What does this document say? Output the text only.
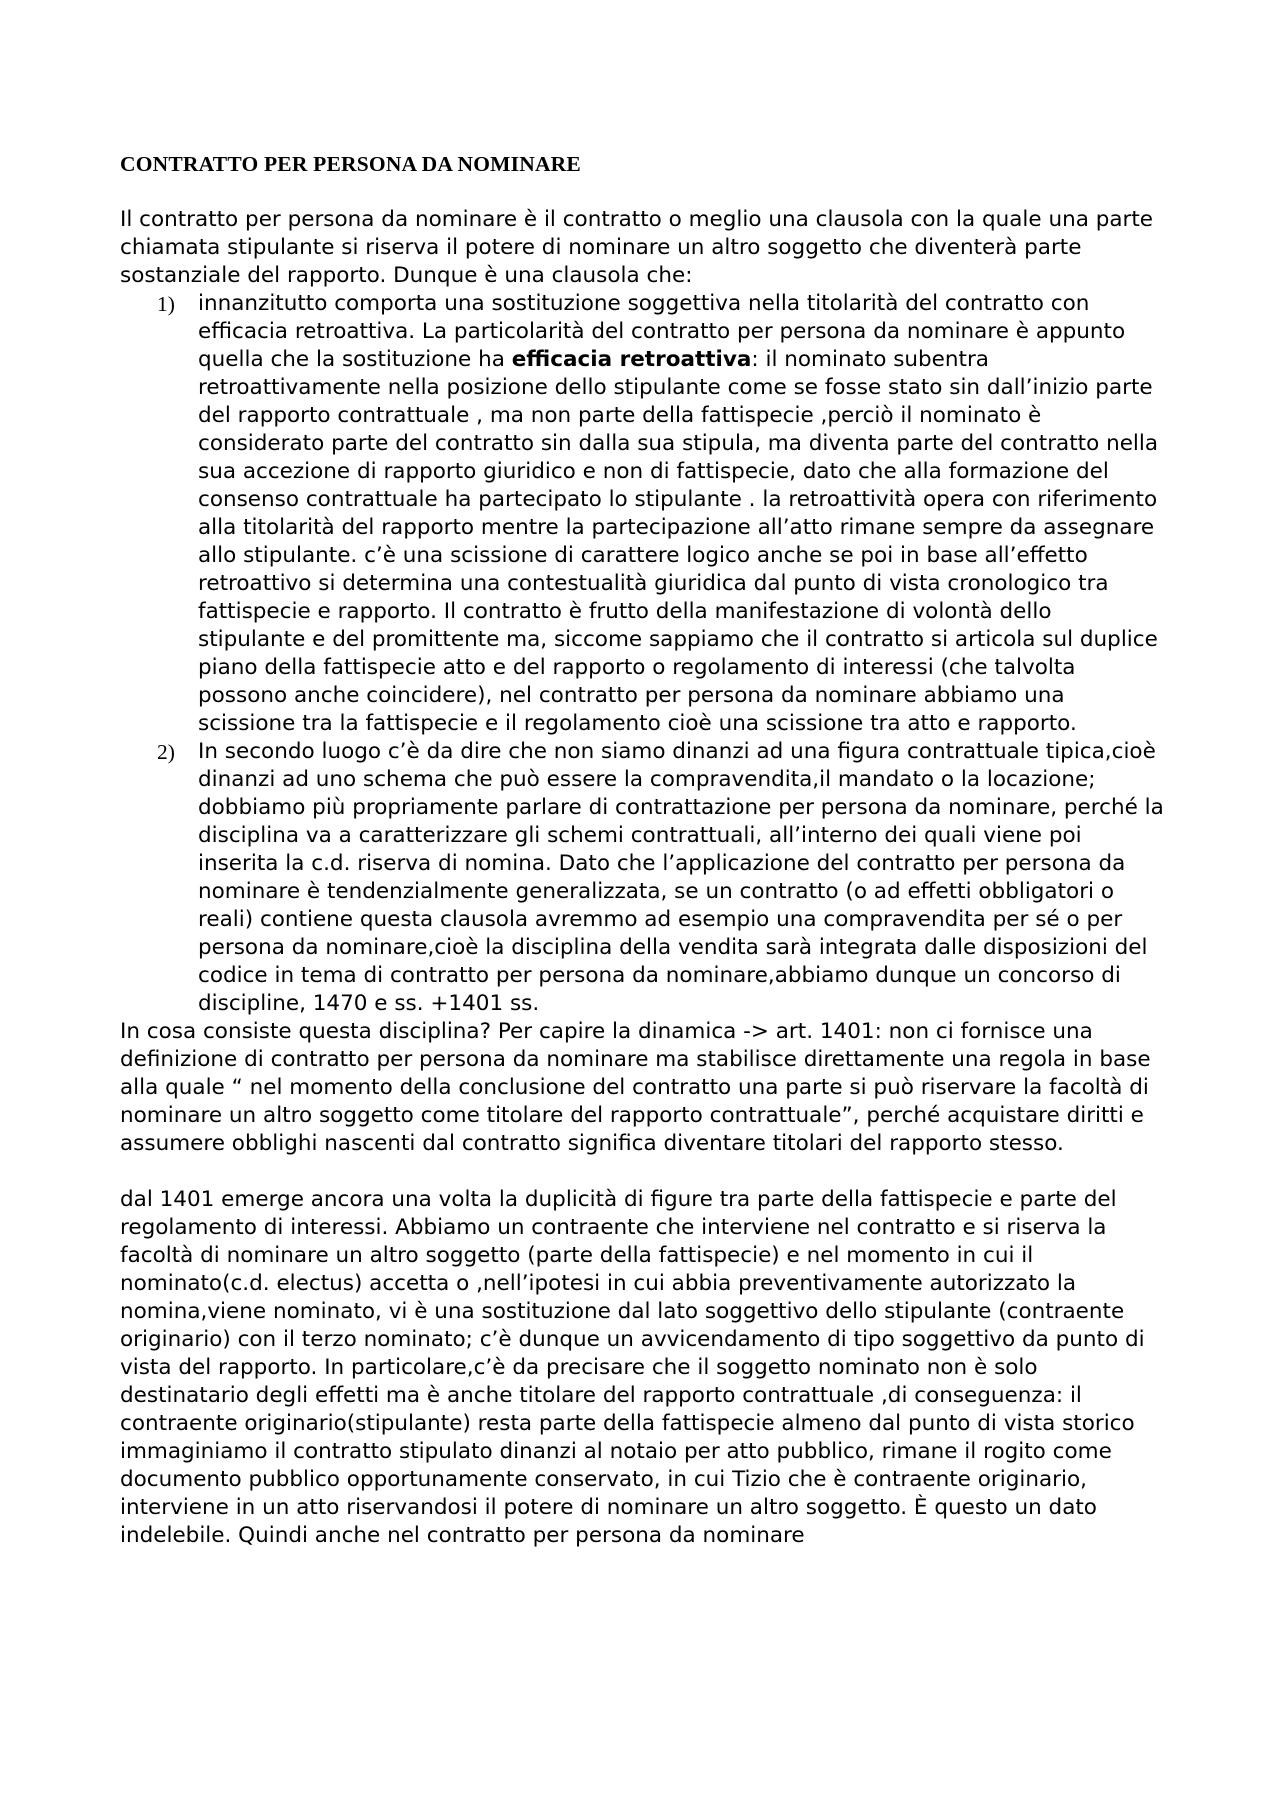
CONTRATTO PER PERSONA DA NOMINARE

Il contratto per persona da nominare è il contratto o meglio una clausola con la quale una parte chiamata stipulante si riserva il potere di nominare un altro soggetto che diventerà parte sostanziale del rapporto. Dunque è una clausola che:

1) innanzitutto comporta una sostituzione soggettiva nella titolarità del contratto con efficacia retroattiva. La particolarità del contratto per persona da nominare è appunto quella che la sostituzione ha efficacia retroattiva: il nominato subentra retroattivamente nella posizione dello stipulante come se fosse stato sin dall’inizio parte del rapporto contrattuale , ma non parte della fattispecie ,perciò il nominato è considerato parte del contratto sin dalla sua stipula, ma diventa parte del contratto nella sua accezione di rapporto giuridico e non di fattispecie, dato che alla formazione del consenso contrattuale ha partecipato lo stipulante . la retroattività opera con riferimento alla titolarità del rapporto mentre la partecipazione all’atto rimane sempre da assegnare allo stipulante. c’è una scissione di carattere logico anche se poi in base all’effetto retroattivo si determina una contestualità giuridica dal punto di vista cronologico tra fattispecie e rapporto. Il contratto è frutto della manifestazione di volontà dello stipulante e del promittente ma, siccome sappiamo che il contratto si articola sul duplice piano della fattispecie atto e del rapporto o regolamento di interessi (che talvolta possono anche coincidere), nel contratto per persona da nominare abbiamo una scissione tra la fattispecie e il regolamento cioè una scissione tra atto e rapporto.

2) In secondo luogo c’è da dire che non siamo dinanzi ad una figura contrattuale tipica,cioè dinanzi ad uno schema che può essere la compravendita,il mandato o la locazione; dobbiamo più propriamente parlare di contrattazione per persona da nominare, perché la disciplina va a caratterizzare gli schemi contrattuali, all’interno dei quali viene poi inserita la c.d. riserva di nomina. Dato che l’applicazione del contratto per persona da nominare è tendenzialmente generalizzata, se un contratto (o ad effetti obbligatori o reali) contiene questa clausola avremmo ad esempio una compravendita per sé o per persona da nominare,cioè la disciplina della vendita sarà integrata dalle disposizioni del codice in tema di contratto per persona da nominare,abbiamo dunque un concorso di discipline, 1470 e ss. +1401 ss.

In cosa consiste questa disciplina? Per capire la dinamica -> art. 1401: non ci fornisce una definizione di contratto per persona da nominare ma stabilisce direttamente una regola in base alla quale “ nel momento della conclusione del contratto una parte si può riservare la facoltà di nominare un altro soggetto come titolare del rapporto contrattuale”, perché acquistare diritti e assumere obblighi nascenti dal contratto significa diventare titolari del rapporto stesso.

dal 1401 emerge ancora una volta la duplicità di figure tra parte della fattispecie e parte del regolamento di interessi. Abbiamo un contraente che interviene nel contratto e si riserva la facoltà di nominare un altro soggetto (parte della fattispecie) e nel momento in cui il nominato(c.d. electus) accetta o ,nell’ipotesi in cui abbia preventivamente autorizzato la nomina,viene nominato, vi è una sostituzione dal lato soggettivo dello stipulante (contraente originario) con il terzo nominato; c’è dunque un avvicendamento di tipo soggettivo da punto di vista del rapporto. In particolare,c’è da precisare che il soggetto nominato non è solo destinatario degli effetti ma è anche titolare del rapporto contrattuale ,di conseguenza: il contraente originario(stipulante) resta parte della fattispecie almeno dal punto di vista storico immaginiamo il contratto stipulato dinanzi al notaio per atto pubblico, rimane il rogito come documento pubblico opportunamente conservato, in cui Tizio che è contraente originario, interviene in un atto riservandosi il potere di nominare un altro soggetto. È questo un dato indelebile. Quindi anche nel contratto per persona da nominare
